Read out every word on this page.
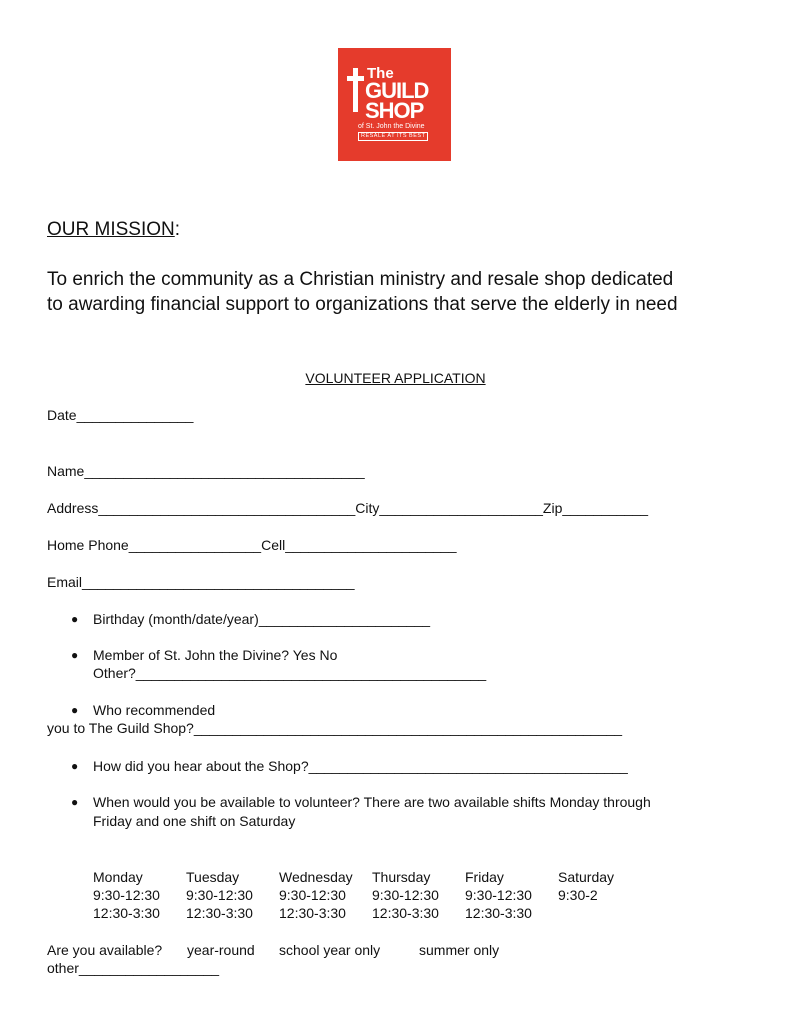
The
GUILD
SHOP
of St. John the Divine
RESALE AT ITS BEST
OUR MISSION:
To enrich the community as a Christian ministry and resale shop dedicated
to awarding financial support to organizations that serve the elderly in need
VOLUNTEER APPLICATION
Date_______________
Name____________________________________
Address_________________________________City_____________________Zip___________
Home Phone_________________Cell______________________
Email___________________________________
● Birthday (month/date/year)______________________
● Member of St. John the Divine? Yes No
Other?_____________________________________________
● Who recommended
you to The Guild Shop?_______________________________________________________
● How did you hear about the Shop?_________________________________________
● When would you be available to volunteer? There are two available shifts Monday through
Friday and one shift on Saturday
Monday
9:30-12:30
12:30-3:30
Tuesday
9:30-12:30
12:30-3:30
Wednesday
9:30-12:30
12:30-3:30
Thursday
9:30-12:30
12:30-3:30
Friday
9:30-12:30
12:30-3:30
Saturday
9:30-2
Are you available? year-round school year only	summer only
other__________________
